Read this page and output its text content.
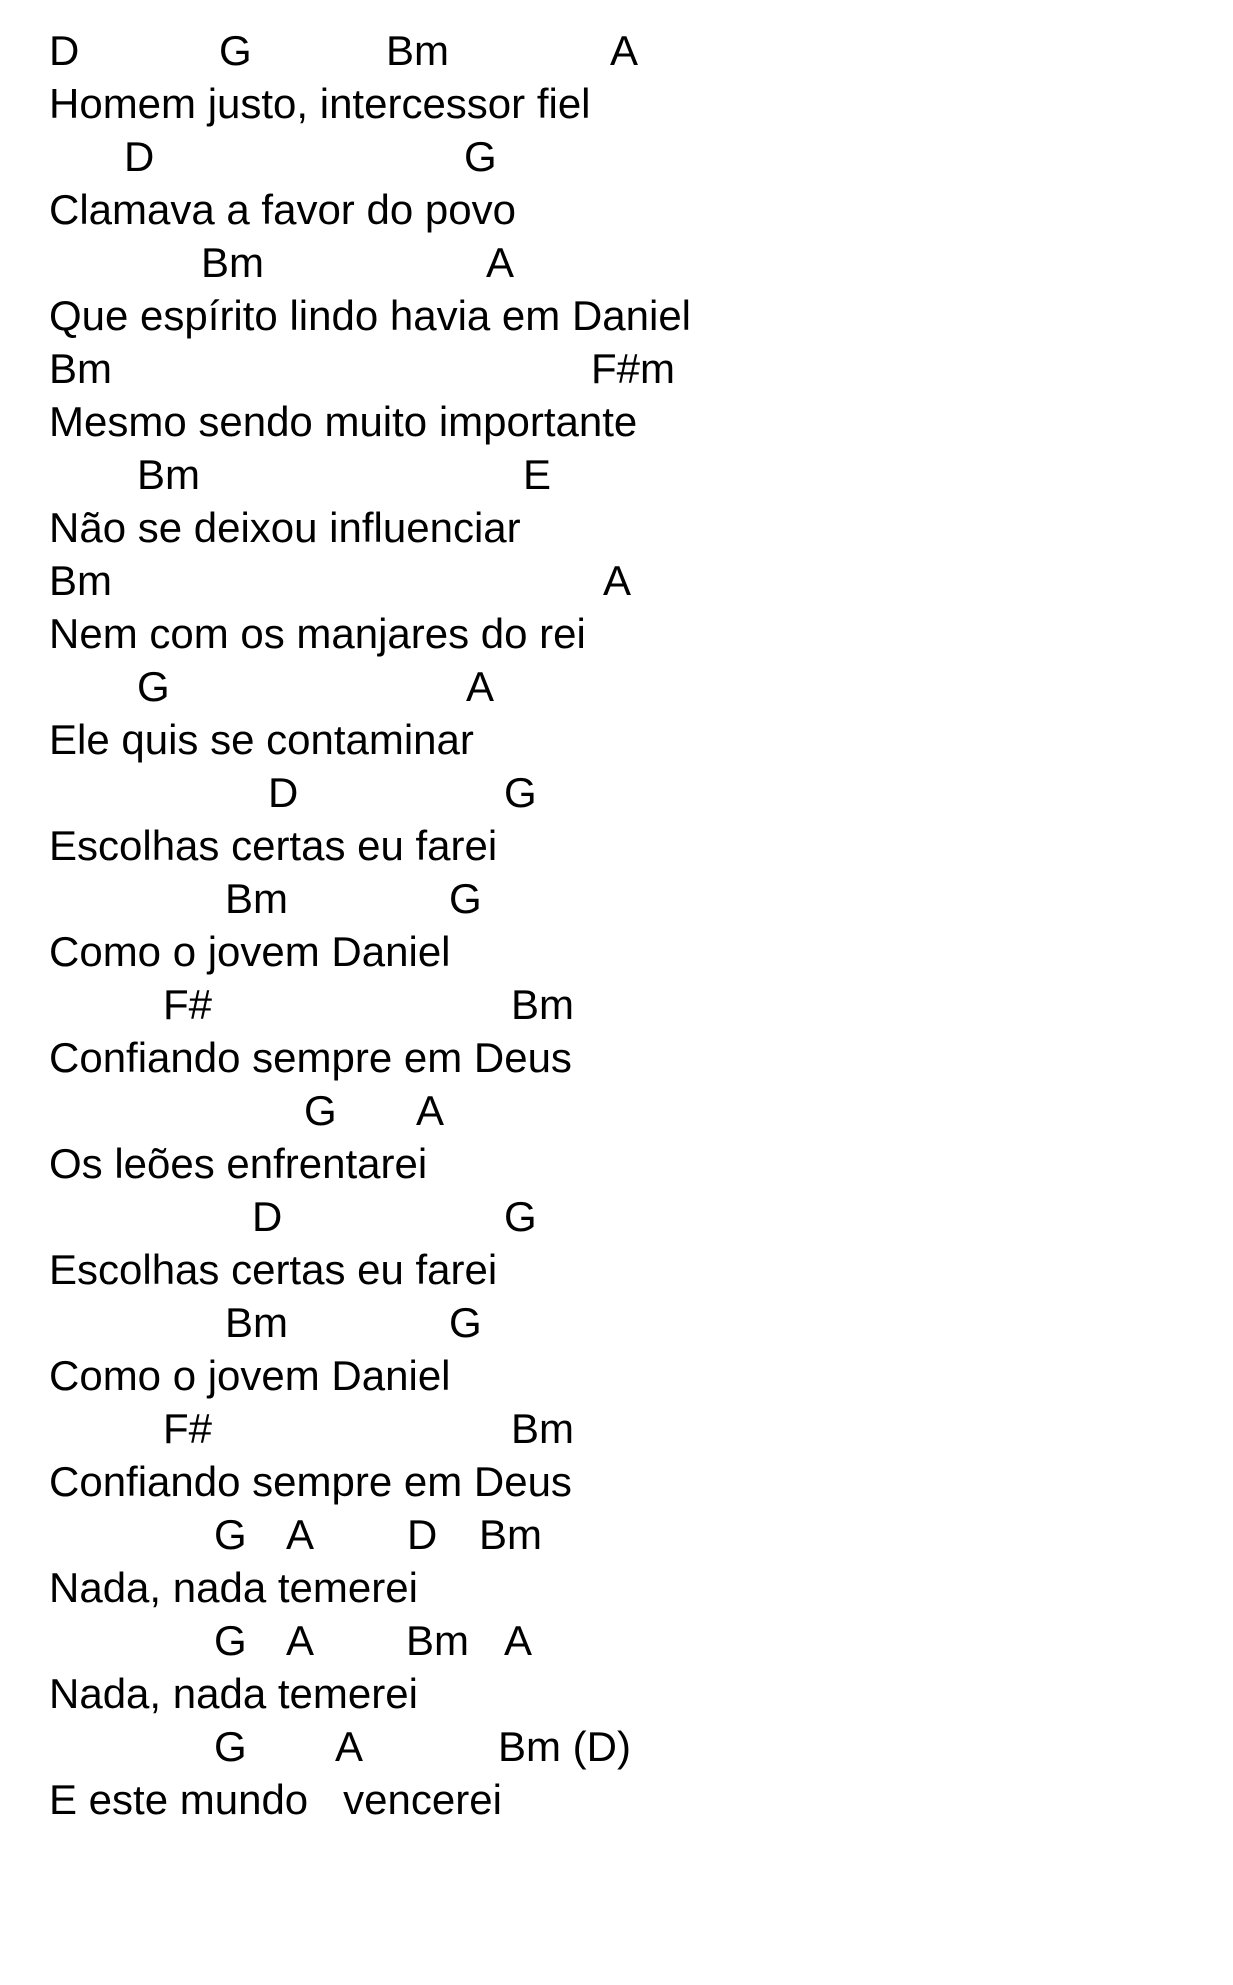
D

	G

	Bm

	A

Homem justo, intercessor fiel

D

	G

Clamava a favor do povo

Bm

	A

Que espírito lindo havia em Daniel

Bm

	F#m

Mesmo sendo muito importante

Bm

	E

Não se deixou influenciar

Bm

	A

Nem com os manjares do rei

G

	A

Ele quis se contaminar

D

	G

Escolhas certas eu farei

Bm

	G

Como o jovem Daniel

F#

	Bm

Confiando sempre em Deus

G

A

Os leões enfrentarei

D

	G

Escolhas certas eu farei

Bm

	G

Como o jovem Daniel

F#

	Bm

Confiando sempre em Deus

G

A

D

Bm

Nada, nada temerei

G

A

Bm

A

Nada, nada temerei

G

A

	Bm (D)

E este mundo   vencerei
